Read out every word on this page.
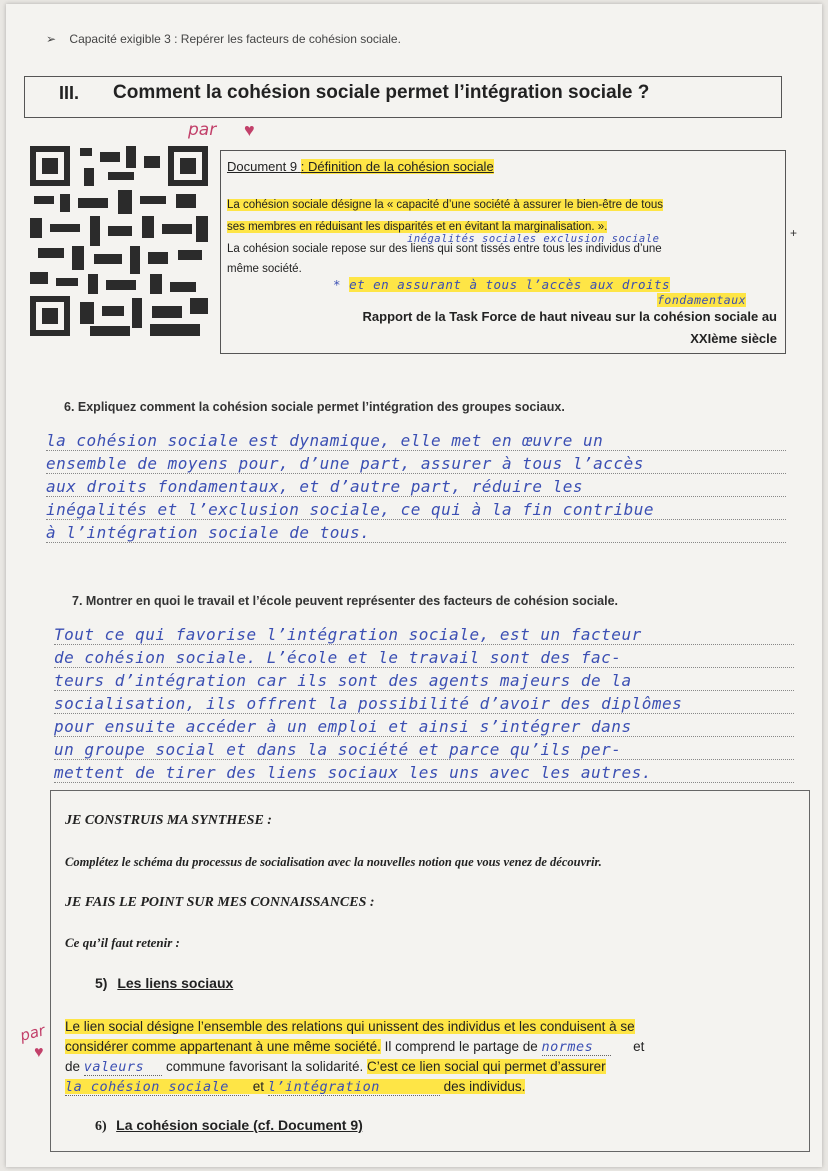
➢ Capacité exigible 3 : Repérer les facteurs de cohésion sociale.
III. Comment la cohésion sociale permet l’intégration sociale ?
par ♥
Document 9 : Définition de la cohésion sociale
La cohésion sociale désigne la « capacité d’une société à assurer le bien-être de tous
ses membres en réduisant les disparités et en évitant la marginalisation. ».
inégalités sociales exclusion sociale
La cohésion sociale repose sur des liens qui sont tissés entre tous les individus d’une
même société.
* et en assurant à tous l’accès aux droits
fondamentaux
Rapport de la Task Force de haut niveau sur la cohésion sociale au
XXIème siècle
+
6. Expliquez comment la cohésion sociale permet l’intégration des groupes sociaux.
la cohésion sociale est dynamique, elle met en œuvre un
ensemble de moyens pour, d’une part, assurer à tous l’accès
aux droits fondamentaux, et d’autre part, réduire les
inégalités et l’exclusion sociale, ce qui à la fin contribue
à l’intégration sociale de tous.
7. Montrer en quoi le travail et l’école peuvent représenter des facteurs de cohésion sociale.
Tout ce qui favorise l’intégration sociale, est un facteur
de cohésion sociale. L’école et le travail sont des fac-
teurs d’intégration car ils sont des agents majeurs de la
socialisation, ils offrent la possibilité d’avoir des diplômes
pour ensuite accéder à un emploi et ainsi s’intégrer dans
un groupe social et dans la société et parce qu’ils per-
mettent de tirer des liens sociaux les uns avec les autres.
JE CONSTRUIS MA SYNTHESE :
Complétez le schéma du processus de socialisation avec la nouvelles notion que vous venez de découvrir.
JE FAIS LE POINT SUR MES CONNAISSANCES :
Ce qu’il faut retenir :
5) Les liens sociaux
Le lien social désigne l’ensemble des relations qui unissent des individus et les conduisent à se
considérer comme appartenant à une même société. Il comprend le partage de normes	et
de valeurs commune favorisant la solidarité. C’est ce lien social qui permet d’assurer
la cohésion sociale et l’intégration	des individus.
6) La cohésion sociale (cf. Document 9)
par
♥
